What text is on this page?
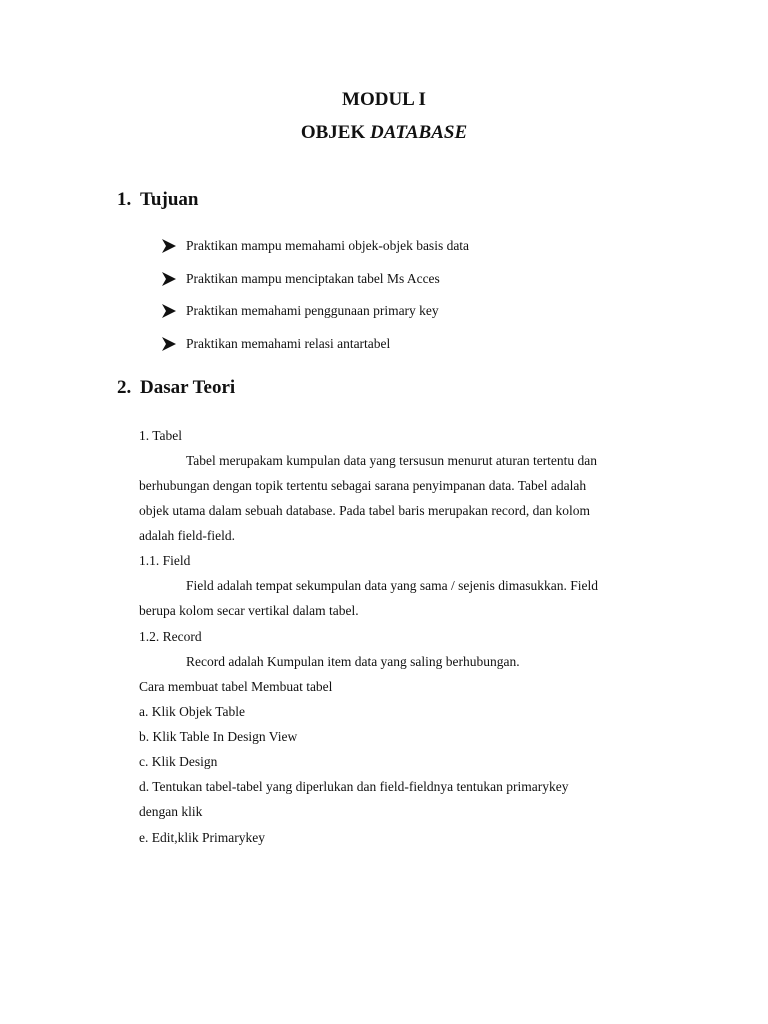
MODUL I
OBJEK DATABASE
1. Tujuan
Praktikan mampu memahami objek-objek basis data
Praktikan mampu menciptakan tabel Ms Acces
Praktikan memahami penggunaan primary key
Praktikan memahami relasi antartabel
2. Dasar Teori
1. Tabel
Tabel merupakam kumpulan data yang tersusun menurut aturan tertentu dan
berhubungan dengan topik tertentu sebagai sarana penyimpanan data. Tabel adalah
objek utama dalam sebuah database. Pada tabel baris merupakan record, dan kolom
adalah field-field.
1.1. Field
Field adalah tempat sekumpulan data yang sama / sejenis dimasukkan. Field
berupa kolom secar vertikal dalam tabel.
1.2. Record
Record adalah Kumpulan item data yang saling berhubungan.
Cara membuat tabel Membuat tabel
a. Klik Objek Table
b. Klik Table In Design View
c. Klik Design
d. Tentukan tabel-tabel yang diperlukan dan field-fieldnya tentukan primarykey
dengan klik
e. Edit,klik Primarykey
